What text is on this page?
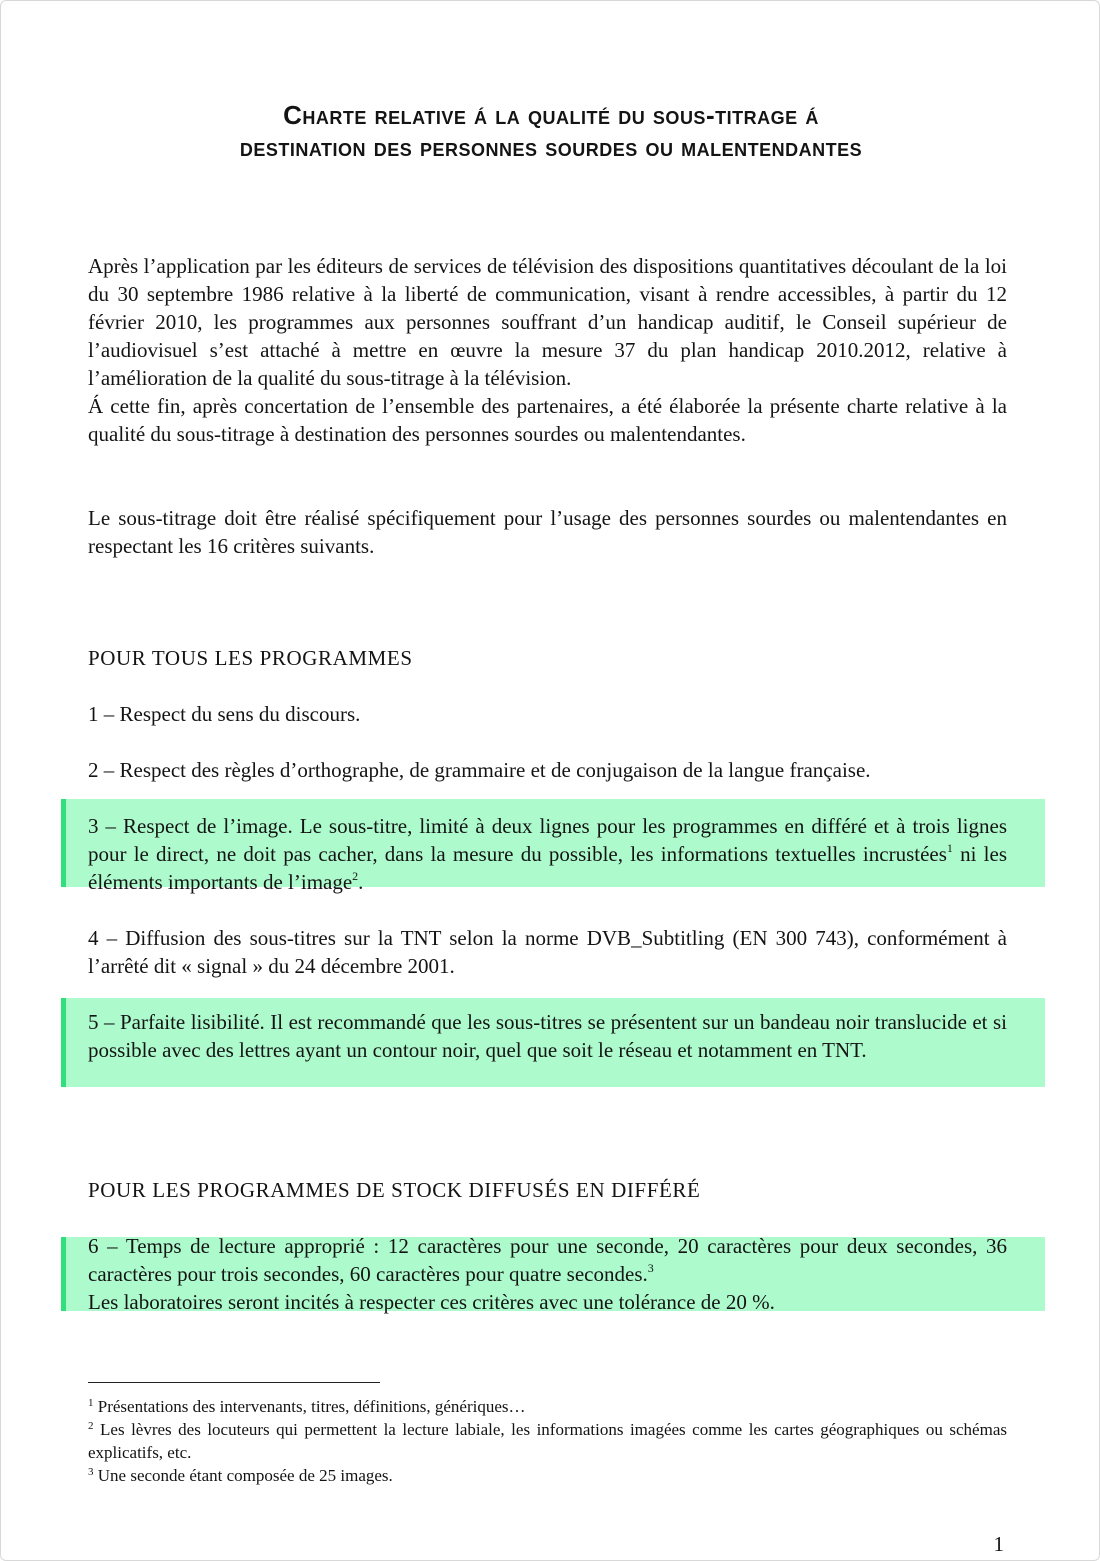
Charte relative á la qualité du sous-titrage á
destination des personnes sourdes ou malentendantes

Après l’application par les éditeurs de services de télévision des dispositions quantitatives découlant de la loi du 30 septembre 1986 relative à la liberté de communication, visant à rendre accessibles, à partir du 12 février 2010, les programmes aux personnes souffrant d’un handicap auditif, le Conseil supérieur de l’audiovisuel s’est attaché à mettre en œuvre la mesure 37 du plan handicap 2010.2012, relative à l’amélioration de la qualité du sous-titrage à la télévision.

Á cette fin, après concertation de l’ensemble des partenaires, a été élaborée la présente charte relative à la qualité du sous-titrage à destination des personnes sourdes ou malentendantes.

Le sous-titrage doit être réalisé spécifiquement pour l’usage des personnes sourdes ou malentendantes en respectant les 16 critères suivants.

POUR TOUS LES PROGRAMMES

1 – Respect du sens du discours.

2 – Respect des règles d’orthographe, de grammaire et de conjugaison de la langue française.

3 – Respect de l’image. Le sous-titre, limité à deux lignes pour les programmes en différé et à trois lignes pour le direct, ne doit pas cacher, dans la mesure du possible, les informations textuelles incrustées$^1$ ni les éléments importants de l’image$^2$.

4 – Diffusion des sous-titres sur la TNT selon la norme DVB_Subtitling (EN 300 743), conformément à l’arrêté dit « signal » du 24 décembre 2001.

5 – Parfaite lisibilité. Il est recommandé que les sous-titres se présentent sur un bandeau noir translucide et si possible avec des lettres ayant un contour noir, quel que soit le réseau et notamment en TNT.

POUR LES PROGRAMMES DE STOCK DIFFUSÉS EN DIFFÉRÉ

6 – Temps de lecture approprié : 12 caractères pour une seconde, 20 caractères pour deux secondes, 36 caractères pour trois secondes, 60 caractères pour quatre secondes.$^3$

Les laboratoires seront incités à respecter ces critères avec une tolérance de 20 %.

$^1$ Présentations des intervenants, titres, définitions, génériques…

$^2$ Les lèvres des locuteurs qui permettent la lecture labiale, les informations imagées comme les cartes géographiques ou schémas explicatifs, etc.

$^3$ Une seconde étant composée de 25 images.

1
